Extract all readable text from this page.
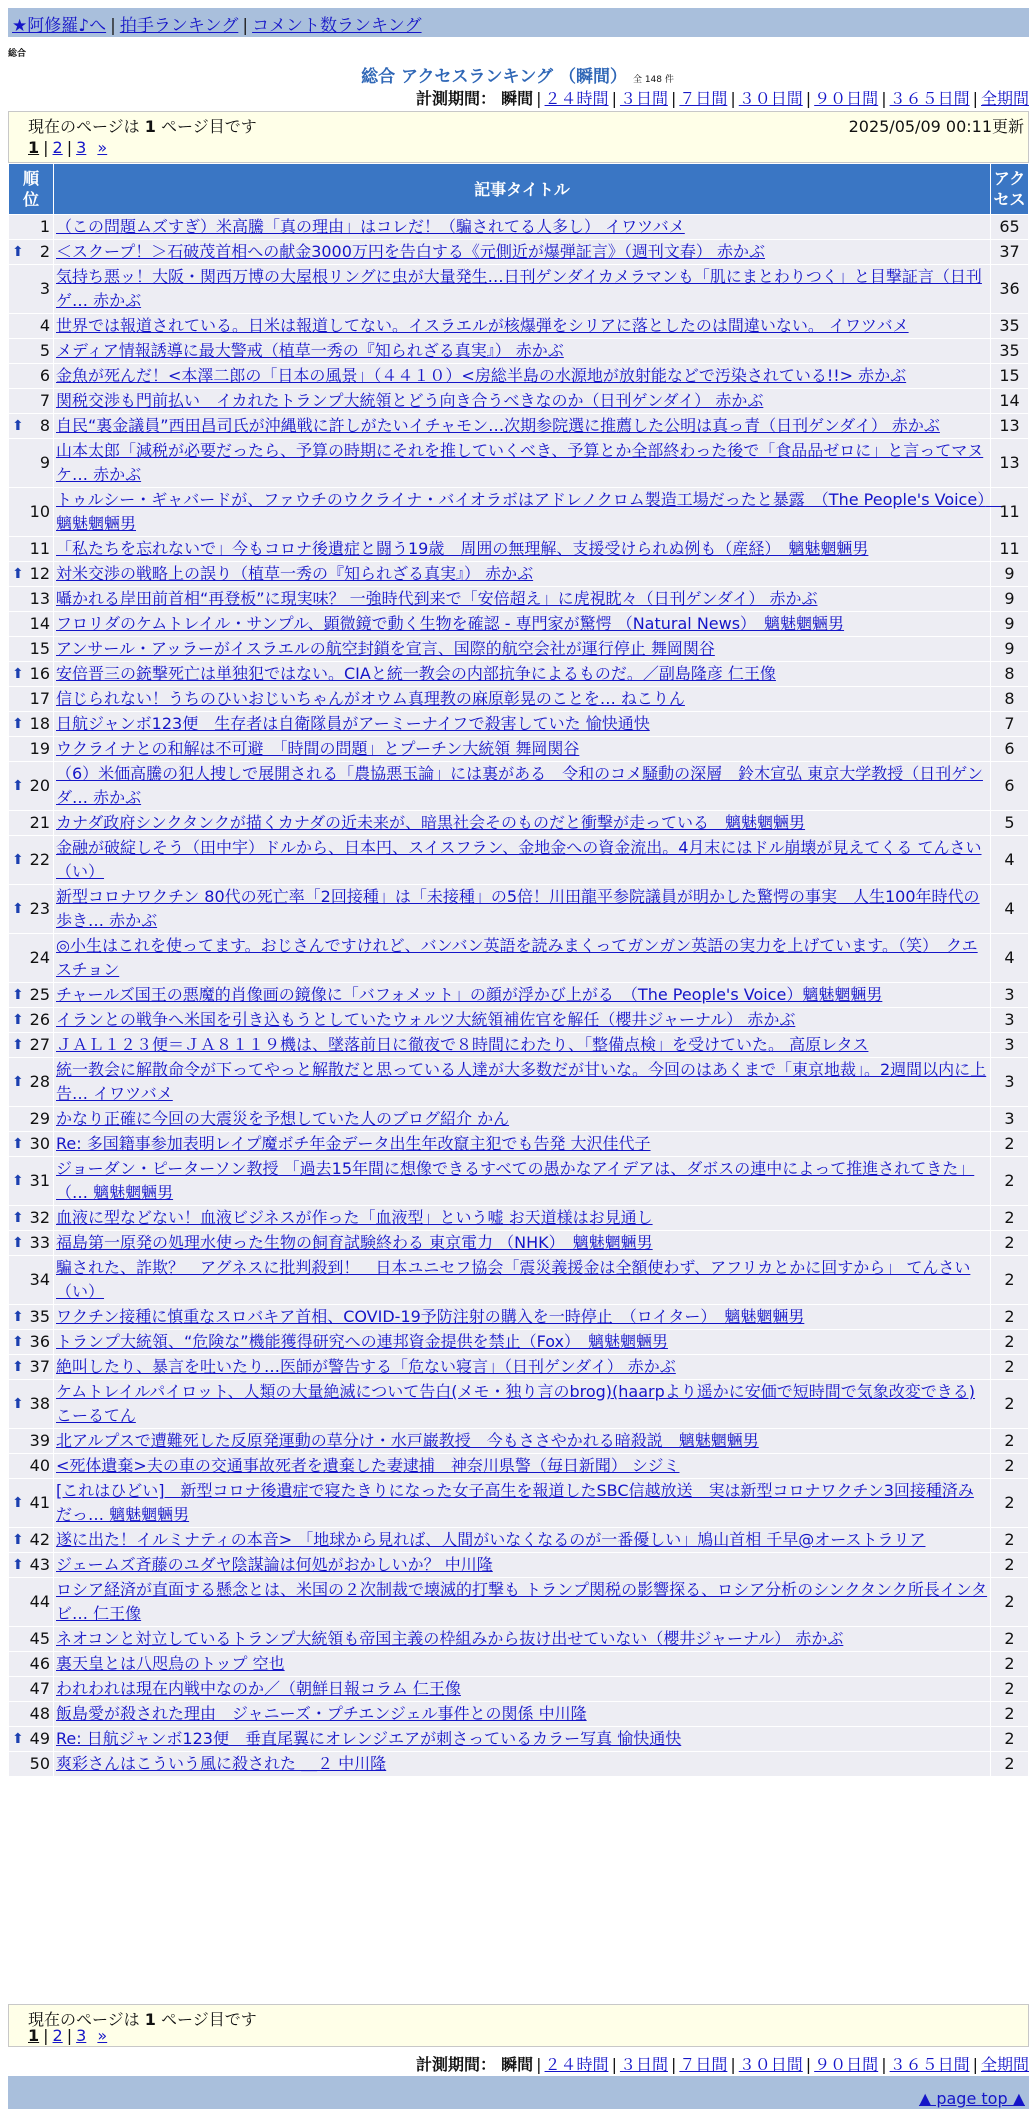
★阿修羅♪へ | 拍手ランキング | コメント数ランキング
総合
総合 アクセスランキング （瞬間） 全 148 件
計測期間： 瞬間 | ２４時間 | ３日間 | ７日間 | ３０日間 | ９０日間 | ３６５日間 | 全期間
現在のページは 1 ページ目です	2025/05/09 00:11更新
1 | 2 | 3 »
順
位	記事タイトル	アク
セス
1	（この問題ムズすぎ）米高騰「真の理由」はコレだ！（騙されてる人多し） イワツバメ	65

⬆ 2	＜スクープ！＞石破茂首相への献金3000万円を告白する《元側近が爆弾証言》（週刊文春） 赤かぶ	37
3	気持ち悪ッ！大阪・関西万博の大屋根リングに虫が大量発生…日刊ゲンダイカメラマンも「肌にまとわりつく」と目撃証言（日刊ゲ… 赤かぶ	36
4	世界では報道されている。日米は報道してない。イスラエルが核爆弾をシリアに落としたのは間違いない。 イワツバメ	35
5	メディア情報誘導に最大警戒（植草一秀の『知られざる真実』） 赤かぶ	35
6	金魚が死んだ！<本澤二郎の「日本の風景」（４４１０）<房総半島の水源地が放射能などで汚染されている!!> 赤かぶ	15
7	関税交渉も門前払い　イカれたトランプ大統領とどう向き合うべきなのか（日刊ゲンダイ） 赤かぶ	14

⬆ 8	自民“裏金議員”西田昌司氏が沖縄戦に許しがたいイチャモン…次期参院選に推薦した公明は真っ青（日刊ゲンダイ） 赤かぶ	13
9	山本太郎「減税が必要だったら、予算の時期にそれを推していくべき、予算とか全部終わった後で「食品品ゼロに」と言ってマヌケ… 赤かぶ	13
10	トゥルシー・ギャバードが、ファウチのウクライナ・バイオラボはアドレノクロム製造工場だったと暴露　（The People's Voice）　魑魅魍魎男	11
11	「私たちを忘れないで」今もコロナ後遺症と闘う19歳　周囲の無理解、支援受けられぬ例も（産経）　魑魅魍魎男	11

⬆ 12	対米交渉の戦略上の誤り（植草一秀の『知られざる真実』） 赤かぶ	9
13	囁かれる岸田前首相“再登板”に現実味？ 一強時代到来で「安倍超え」に虎視眈々（日刊ゲンダイ） 赤かぶ	9
14	フロリダのケムトレイル・サンプル、顕微鏡で動く生物を確認 - 専門家が驚愕 （Natural News）　魑魅魍魎男	9
15	アンサール・アッラーがイスラエルの航空封鎖を宣言、国際的航空会社が運行停止 舞岡関谷	9

⬆ 16	安倍晋三の銃撃死亡は単独犯ではない。CIAと統一教会の内部抗争によるものだ。／副島隆彦 仁王像	8
17	信じられない！うちのひいおじいちゃんがオウム真理教の麻原彰晃のことを… ねこりん	8

⬆ 18	日航ジャンボ123便　生存者は自衛隊員がアーミーナイフで殺害していた 愉快通快	7
19	ウクライナとの和解は不可避　「時間の問題」とプーチン大統領 舞岡関谷	6

⬆ 20	（6）米価高騰の犯人捜しで展開される「農協悪玉論」には裏がある　令和のコメ騒動の深層　鈴木宣弘 東京大学教授（日刊ゲンダ… 赤かぶ	6
21	カナダ政府シンクタンクが描くカナダの近未来が、暗黒社会そのものだと衝撃が走っている　魑魅魍魎男	5

⬆ 22	金融が破綻しそう（田中宇）ドルから、日本円、スイスフラン、金地金への資金流出。4月末にはドル崩壊が見えてくる てんさい（い）	4

⬆ 23	新型コロナワクチン 80代の死亡率「2回接種」は「未接種」の5倍！川田龍平参院議員が明かした驚愕の事実　人生100年時代の歩き… 赤かぶ	4
24	◎小生はこれを使ってます。おじさんですけれど、バンバン英語を読みまくってガンガン英語の実力を上げています。（笑）　クエスチョン	4

⬆ 25	チャールズ国王の悪魔的肖像画の鏡像に「バフォメット」の顔が浮かび上がる　（The People's Voice）魑魅魍魎男	3

⬆ 26	イランとの戦争へ米国を引き込もうとしていたウォルツ大統領補佐官を解任（櫻井ジャーナル） 赤かぶ	3

⬆ 27	ＪＡＬ１２３便＝ＪＡ８１１９機は、墜落前日に徹夜で８時間にわたり、「整備点検」を受けていた。 高原レタス	3

⬆ 28	統一教会に解散命令が下ってやっと解散だと思っている人達が大多数だが甘いな。今回のはあくまで「東京地裁」。2週間以内に上告… イワツバメ	3
29	かなり正確に今回の大震災を予想していた人のブログ紹介 かん	3

⬆ 30	Re: 多国籍事参加表明レイプ魔ボチ年金データ出生年改竄主犯でも告発 大沢佳代子	2

⬆ 31	ジョーダン・ピーターソン教授 「過去15年間に想像できるすべての愚かなアイデアは、ダボスの連中によって推進されてきた」（… 魑魅魍魎男	2

⬆ 32	血液に型などない！血液ビジネスが作った「血液型」という嘘 お天道様はお見通し	2

⬆ 33	福島第一原発の処理水使った生物の飼育試験終わる 東京電力 （NHK）　魑魅魍魎男	2
34	騙された、詐欺？　アグネスに批判殺到！　日本ユニセフ協会「震災義援金は全額使わず、アフリカとかに回すから」 てんさい（い）	2

⬆ 35	ワクチン接種に慎重なスロバキア首相、COVID-19予防注射の購入を一時停止　（ロイター）　魑魅魍魎男	2

⬆ 36	トランプ大統領、“危険な”機能獲得研究への連邦資金提供を禁止（Fox）　魑魅魍魎男	2

⬆ 37	絶叫したり、暴言を吐いたり…医師が警告する「危ない寝言」（日刊ゲンダイ） 赤かぶ	2

⬆ 38	ケムトレイルパイロット、人類の大量絶滅について告白(メモ・独り言のbrog)(haarpより遥かに安価で短時間で気象改変できる) こーるてん	2
39	北アルプスで遭難死した反原発運動の草分け・水戸巌教授　今もささやかれる暗殺説　魑魅魍魎男	2
40	<死体遺棄>夫の車の交通事故死者を遺棄した妻逮捕　神奈川県警（毎日新聞） シジミ	2

⬆ 41	[これはひどい]　新型コロナ後遺症で寝たきりになった女子高生を報道したSBC信越放送　実は新型コロナワクチン3回接種済みだっ… 魑魅魍魎男	2

⬆ 42	遂に出た！イルミナティの本音> 「地球から見れば、人間がいなくなるのが一番優しい」鳩山首相 千早@オーストラリア	2

⬆ 43	ジェームズ斉藤のユダヤ陰謀論は何処がおかしいか？ 中川隆	2
44	ロシア経済が直面する懸念とは、米国の２次制裁で壊滅的打撃も トランプ関税の影響探る、ロシア分析のシンクタンク所長インタビ… 仁王像	2
45	ネオコンと対立しているトランプ大統領も帝国主義の枠組みから抜け出せていない（櫻井ジャーナル） 赤かぶ	2
46	裏天皇とは八咫烏のトップ 空也	2
47	われわれは現在内戦中なのか／（朝鮮日報コラム 仁王像	2
48	飯島愛が殺された理由　ジャニーズ・プチエンジェル事件との関係 中川隆	2

⬆ 49	Re: 日航ジャンボ123便　垂直尾翼にオレンジエアが刺さっているカラー写真 愉快通快	2
50	爽彩さんはこういう風に殺された ＿２ 中川隆	2
現在のページは 1 ページ目です
1 | 2 | 3 »
計測期間： 瞬間 | ２４時間 | ３日間 | ７日間 | ３０日間 | ９０日間 | ３６５日間 | 全期間
▲ page top ▲
